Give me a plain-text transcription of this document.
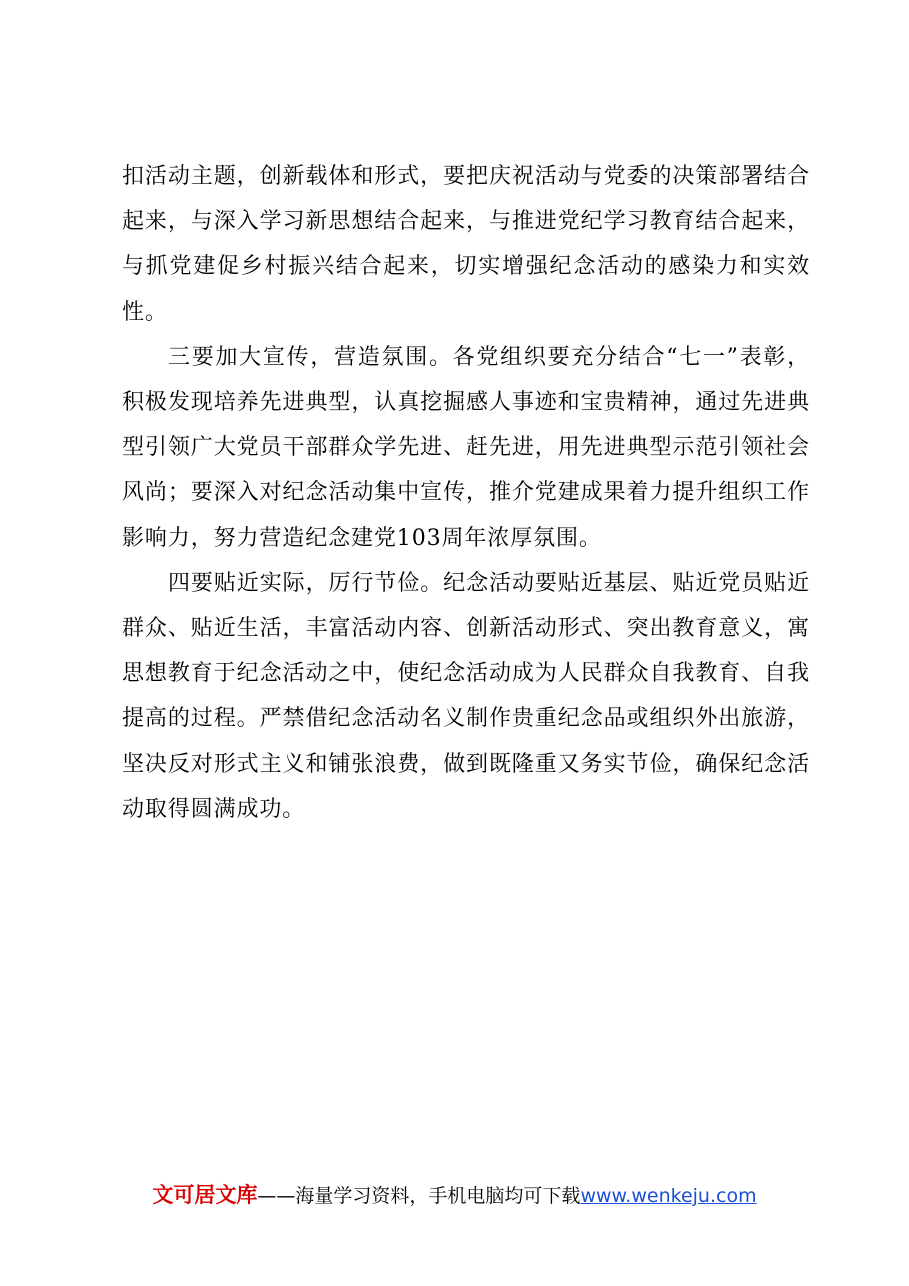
扣活动主题，创新载体和形式，要把庆祝活动与党委的决策部署结合起来，与深入学习新思想结合起来，与推进党纪学习教育结合起来，与抓党建促乡村振兴结合起来，切实增强纪念活动的感染力和实效性。

三要加大宣传，营造氛围。各党组织要充分结合“七一”表彰，积极发现培养先进典型，认真挖掘感人事迹和宝贵精神，通过先进典型引领广大党员干部群众学先进、赶先进，用先进典型示范引领社会风尚；要深入对纪念活动集中宣传，推介党建成果着力提升组织工作影响力，努力营造纪念建党103周年浓厚氛围。

四要贴近实际，厉行节俭。纪念活动要贴近基层、贴近党员贴近群众、贴近生活，丰富活动内容、创新活动形式、突出教育意义，寓思想教育于纪念活动之中，使纪念活动成为人民群众自我教育、自我提高的过程。严禁借纪念活动名义制作贵重纪念品或组织外出旅游，坚决反对形式主义和铺张浪费，做到既隆重又务实节俭，确保纪念活动取得圆满成功。

文可居文库——海量学习资料，手机电脑均可下载www.wenkeju.com
